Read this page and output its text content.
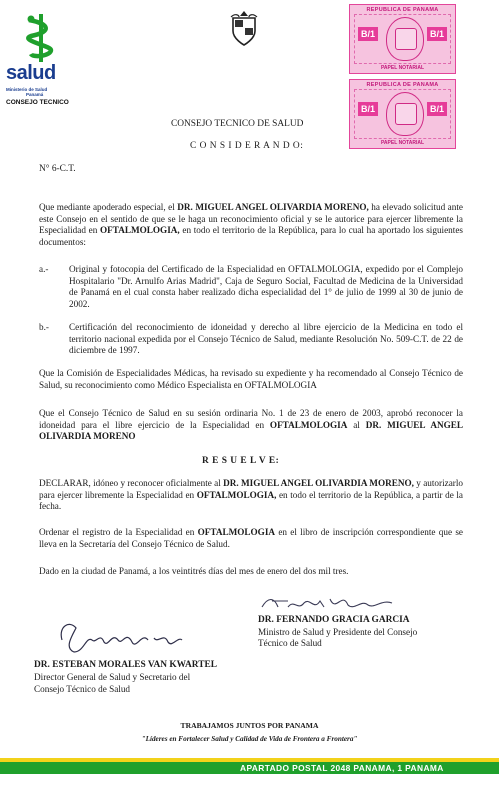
salud
Ministerio de Salud
Panamá
CONSEJO TECNICO
REPUBLICA DE PANAMA
B/1	B/1
PAPEL NOTARIAL
REPUBLICA DE PANAMA
B/1	B/1
PAPEL NOTARIAL
CONSEJO TECNICO DE SALUD
C O N S I D E R A N D O:
N° 6-C.T.

Que mediante apoderado especial, el DR. MIGUEL ANGEL OLIVARDIA MORENO, ha elevado solicitud ante este Consejo en el sentido de que se le haga un reconocimiento oficial y se le autorice para ejercer libremente la Especialidad en OFTALMOLOGIA, en todo el territorio de la República, para lo cual ha aportado los siguientes documentos:

a.- Original y fotocopia del Certificado de la Especialidad en OFTALMOLOGIA, expedido por el Complejo Hospitalario "Dr. Arnulfo Arias Madrid", Caja de Seguro Social, Facultad de Medicina de la Universidad de Panamá en el cual consta haber realizado dicha especialidad del 1° de julio de 1999 al 30 de junio de 2002.

b.- Certificación del reconocimiento de idoneidad y derecho al libre ejercicio de la Medicina en todo el territorio nacional expedida por el Consejo Técnico de Salud, mediante Resolución No. 509-C.T. de 22 de diciembre de 1997.

Que la Comisión de Especialidades Médicas, ha revisado su expediente y ha recomendado al Consejo Técnico de Salud, su reconocimiento como Médico Especialista en OFTALMOLOGIA

Que el Consejo Técnico de Salud en su sesión ordinaria No. 1 de 23 de enero de 2003, aprobó reconocer la idoneidad para el libre ejercicio de la Especialidad en OFTALMOLOGIA al DR. MIGUEL ANGEL OLIVARDIA MORENO

R E S U E L V E:

DECLARAR, idóneo y reconocer oficialmente al DR. MIGUEL ANGEL OLIVARDIA MORENO, y autorizarlo para ejercer libremente la Especialidad en OFTALMOLOGIA, en todo el territorio de la República, a partir de la fecha.

Ordenar el registro de la Especialidad en OFTALMOLOGIA en el libro de inscripción correspondiente que se lleva en la Secretaría del Consejo Técnico de Salud.

Dado en la ciudad de Panamá, a los veintitrés días del mes de enero del dos mil tres.

DR. FERNANDO GRACIA GARCIA
Ministro de Salud y Presidente del Consejo
Técnico de Salud
DR. ESTEBAN MORALES VAN KWARTEL
Director General de Salud y Secretario del
Consejo Técnico de Salud
TRABAJAMOS JUNTOS POR PANAMA
"Líderes en Fortalecer Salud y Calidad de Vida de Frontera a Frontera"
APARTADO POSTAL 2048 PANAMA, 1 PANAMA
